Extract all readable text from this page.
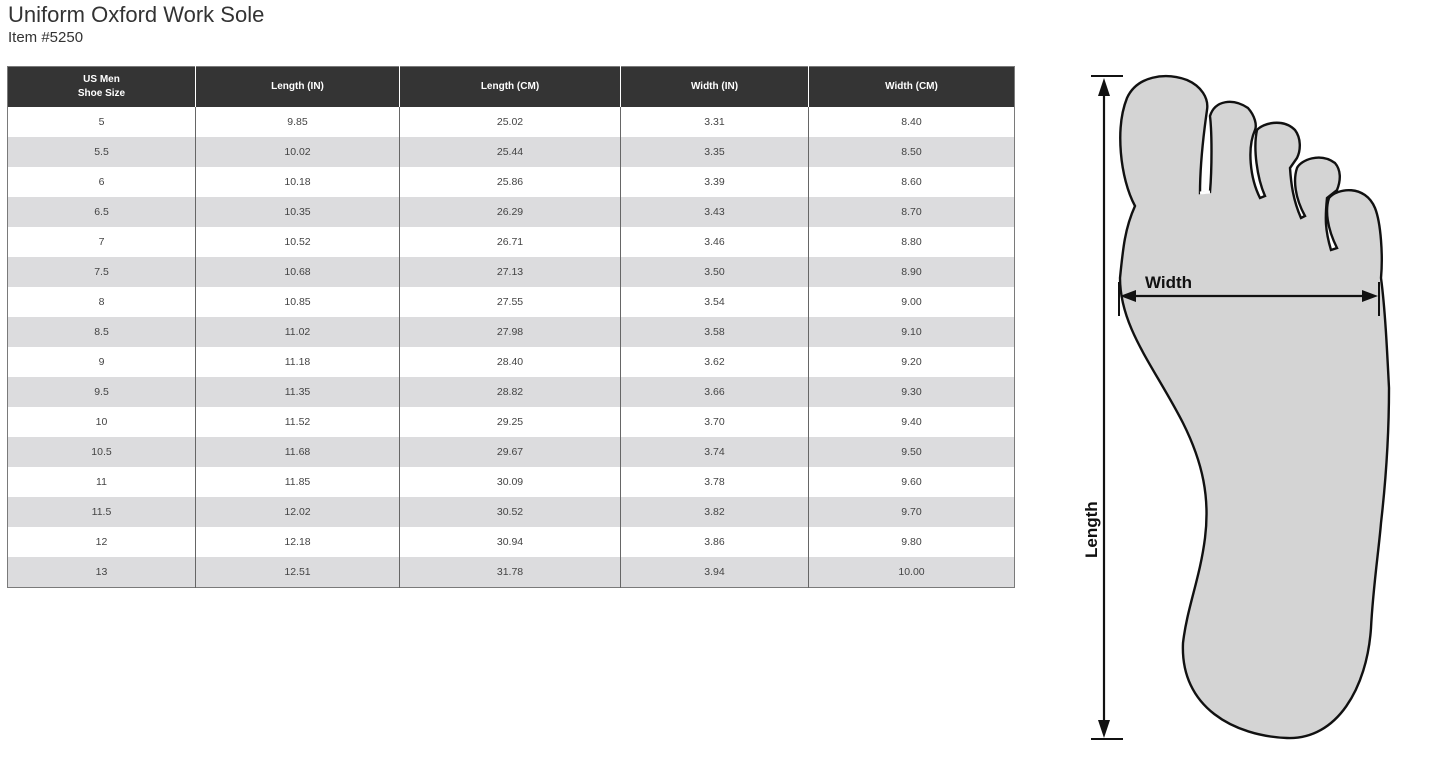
Uniform Oxford Work Sole
Item #5250
US Men
Shoe Size	Length (IN)	Length (CM)	Width (IN)	Width (CM)
5	9.85	25.02	3.31	8.40
5.5	10.02	25.44	3.35	8.50
6	10.18	25.86	3.39	8.60
6.5	10.35	26.29	3.43	8.70
7	10.52	26.71	3.46	8.80
7.5	10.68	27.13	3.50	8.90
8	10.85	27.55	3.54	9.00
8.5	11.02	27.98	3.58	9.10
9	11.18	28.40	3.62	9.20
9.5	11.35	28.82	3.66	9.30
10	11.52	29.25	3.70	9.40
10.5	11.68	29.67	3.74	9.50
11	11.85	30.09	3.78	9.60
11.5	12.02	30.52	3.82	9.70
12	12.18	30.94	3.86	9.80
13	12.51	31.78	3.94	10.00
Width
Length
